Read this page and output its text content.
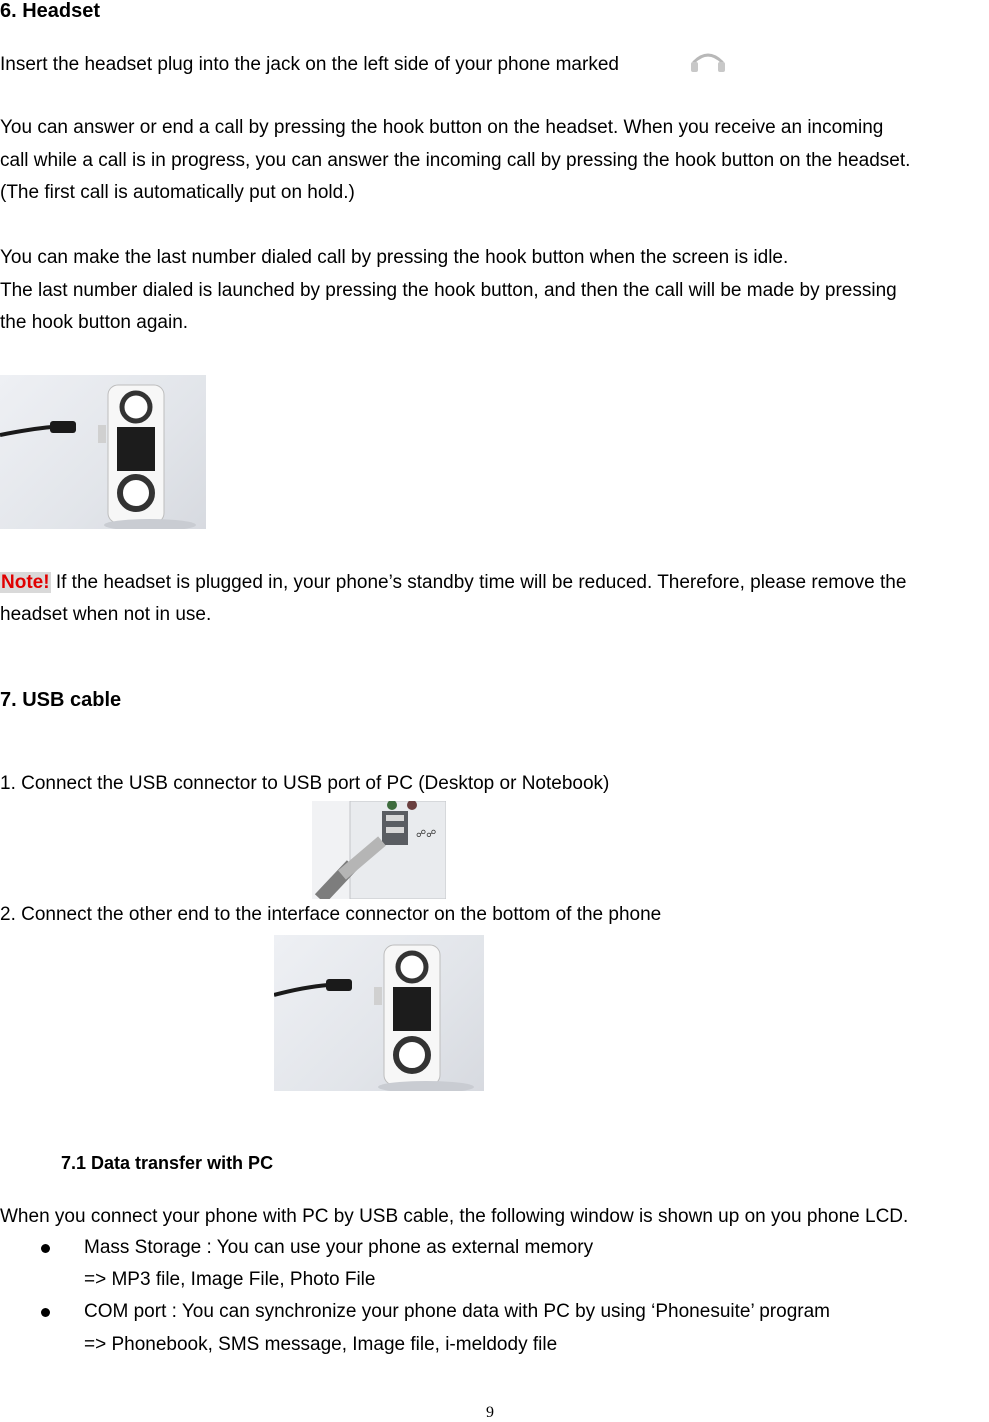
6. Headset
Insert the headset plug into the jack on the left side of your phone marked
You can answer or end a call by pressing the hook button on the headset. When you receive an incoming
call while a call is in progress, you can answer the incoming call by pressing the hook button on the headset.
(The first call is automatically put on hold.)
You can make the last number dialed call by pressing the hook button when the screen is idle.
The last number dialed is launched by pressing the hook button, and then the call will be made by pressing
the hook button again.
Note! If the headset is plugged in, your phone’s standby time will be reduced. Therefore, please remove the
headset when not in use.
7. USB cable
1. Connect the USB connector to USB port of PC (Desktop or Notebook)
☍☍
2. Connect the other end to the interface connector on the bottom of the phone
7.1 Data transfer with PC
When you connect your phone with PC by USB cable, the following window is shown up on you phone LCD.
Mass Storage : You can use your phone as external memory
=> MP3 file, Image File, Photo File
COM port : You can synchronize your phone data with PC by using ‘Phonesuite’ program
=> Phonebook, SMS message, Image file, i-meldody file
9
